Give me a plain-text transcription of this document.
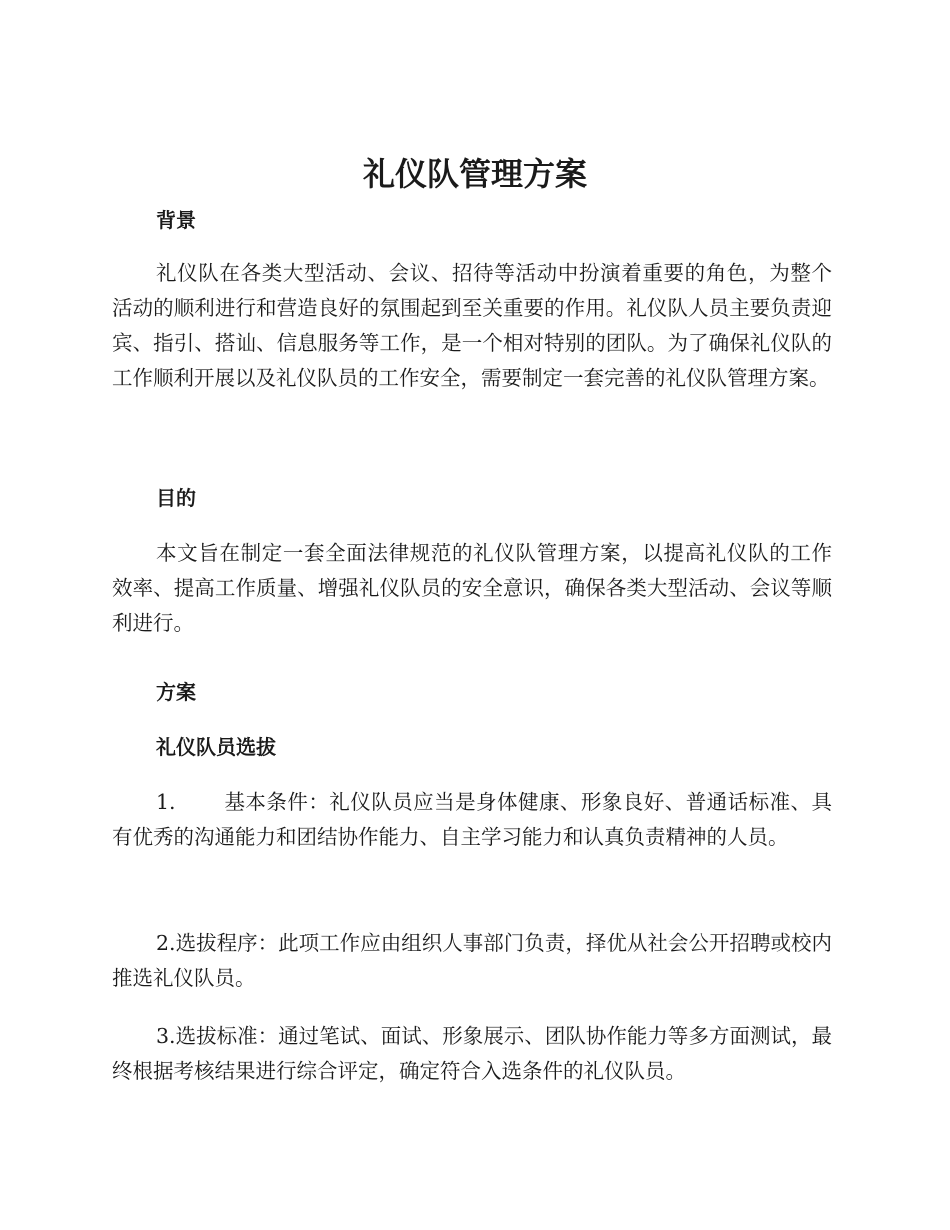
礼仪队管理方案
背景

礼仪队在各类大型活动、会议、招待等活动中扮演着重要的角色，为整个活动的顺利进行和营造良好的氛围起到至关重要的作用。礼仪队人员主要负责迎宾、指引、搭讪、信息服务等工作，是一个相对特别的团队。为了确保礼仪队的工作顺利开展以及礼仪队员的工作安全，需要制定一套完善的礼仪队管理方案。

目的

本文旨在制定一套全面法律规范的礼仪队管理方案，以提高礼仪队的工作效率、提高工作质量、增强礼仪队员的安全意识，确保各类大型活动、会议等顺利进行。

方案
礼仪队员选拔

1. 基本条件：礼仪队员应当是身体健康、形象良好、普通话标准、具有优秀的沟通能力和团结协作能力、自主学习能力和认真负责精神的人员。

2.选拔程序：此项工作应由组织人事部门负责，择优从社会公开招聘或校内推选礼仪队员。

3.选拔标准：通过笔试、面试、形象展示、团队协作能力等多方面测试，最终根据考核结果进行综合评定，确定符合入选条件的礼仪队员。
